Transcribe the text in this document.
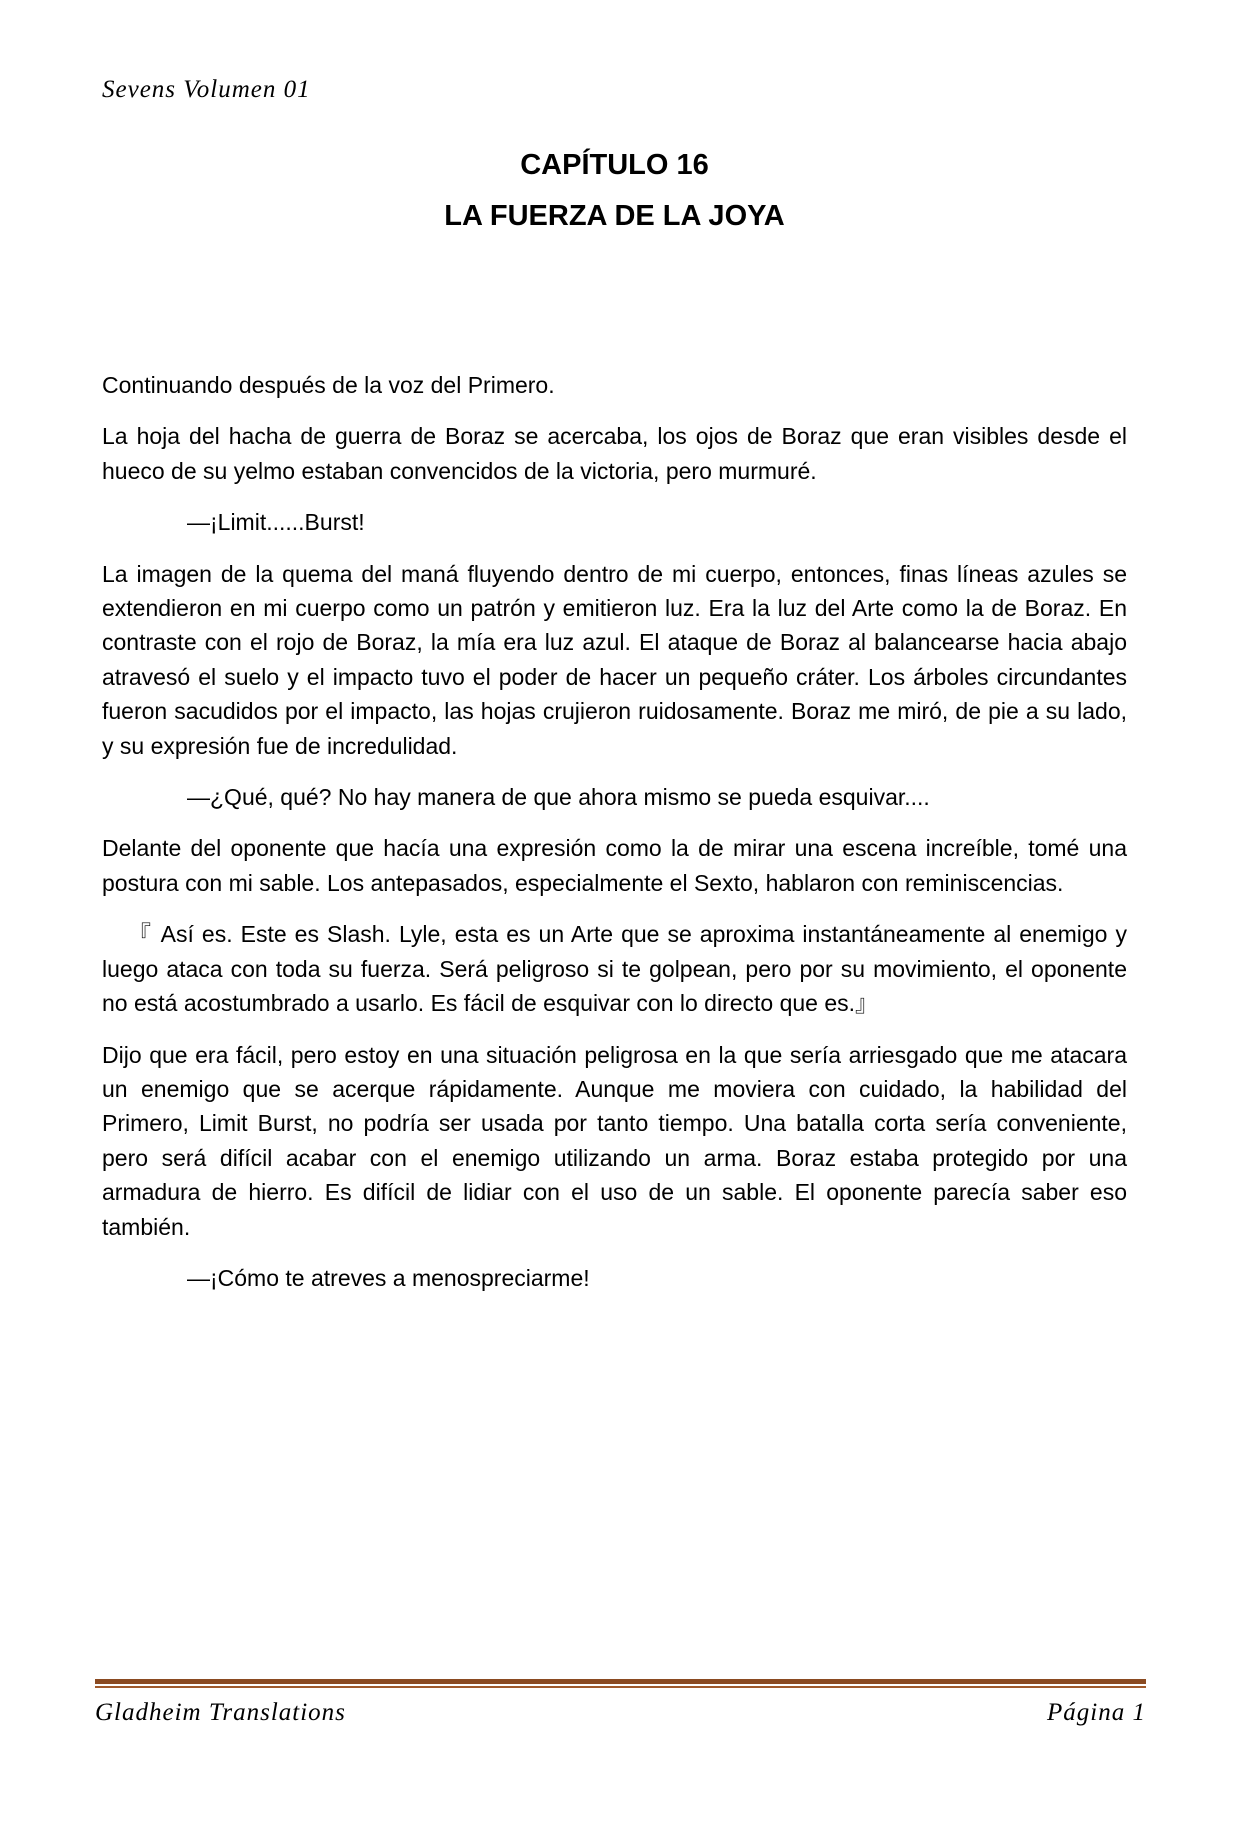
Sevens Volumen 01
CAPÍTULO 16
LA FUERZA DE LA JOYA

Continuando después de la voz del Primero.

La hoja del hacha de guerra de Boraz se acercaba, los ojos de Boraz que eran visibles desde el hueco de su yelmo estaban convencidos de la victoria, pero murmuré.

—¡Limit......Burst!

La imagen de la quema del maná fluyendo dentro de mi cuerpo, entonces, finas líneas azules se extendieron en mi cuerpo como un patrón y emitieron luz. Era la luz del Arte como la de Boraz. En contraste con el rojo de Boraz, la mía era luz azul. El ataque de Boraz al balancearse hacia abajo atravesó el suelo y el impacto tuvo el poder de hacer un pequeño cráter. Los árboles circundantes fueron sacudidos por el impacto, las hojas crujieron ruidosamente. Boraz me miró, de pie a su lado, y su expresión fue de incredulidad.

—¿Qué, qué? No hay manera de que ahora mismo se pueda esquivar....

Delante del oponente que hacía una expresión como la de mirar una escena increíble, tomé una postura con mi sable. Los antepasados, especialmente el Sexto, hablaron con reminiscencias.

『 Así es. Este es Slash. Lyle, esta es un Arte que se aproxima instantáneamente al enemigo y luego ataca con toda su fuerza. Será peligroso si te golpean, pero por su movimiento, el oponente no está acostumbrado a usarlo. Es fácil de esquivar con lo directo que es.』

Dijo que era fácil, pero estoy en una situación peligrosa en la que sería arriesgado que me atacara un enemigo que se acerque rápidamente. Aunque me moviera con cuidado, la habilidad del Primero, Limit Burst, no podría ser usada por tanto tiempo. Una batalla corta sería conveniente, pero será difícil acabar con el enemigo utilizando un arma. Boraz estaba protegido por una armadura de hierro. Es difícil de lidiar con el uso de un sable. El oponente parecía saber eso también.

—¡Cómo te atreves a menospreciarme!

Gladheim Translations	Página 1
